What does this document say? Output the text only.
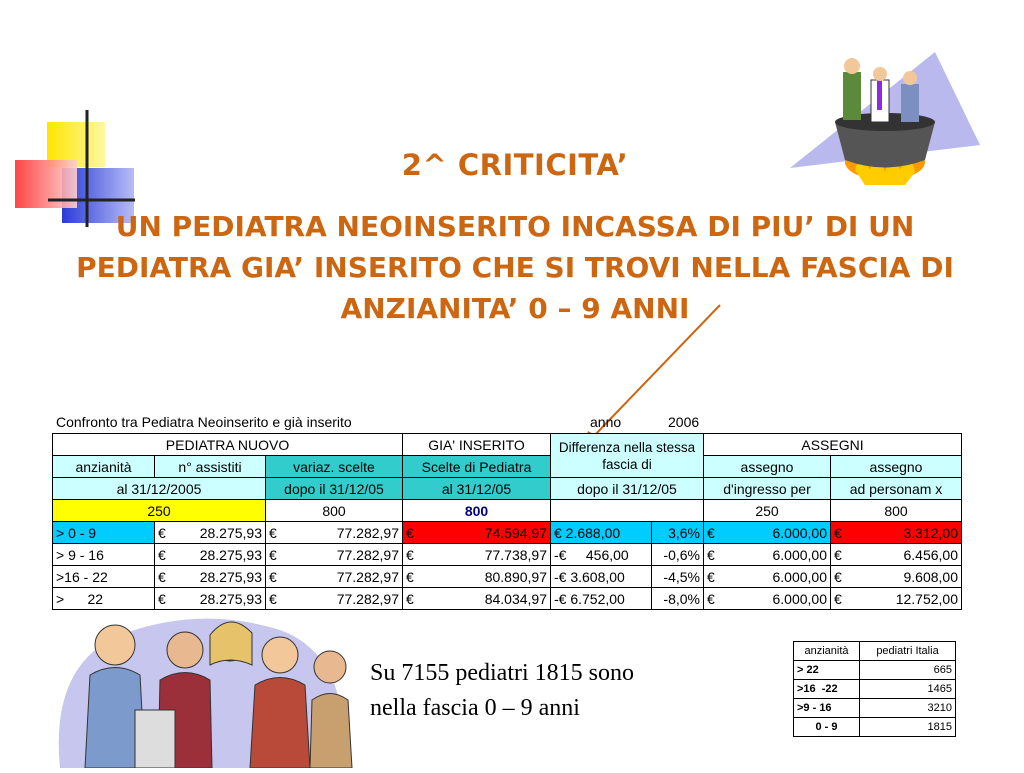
2^ CRITICITA’
UN PEDIATRA NEOINSERITO INCASSA DI PIU’ DI UN PEDIATRA GIA’ INSERITO CHE SI TROVI NELLA FASCIA DI ANZIANITA’ 0 – 9 ANNI
Confronto tra Pediatra Neoinserito e già inserito	anno	2006
PEDIATRA NUOVO			GIA' INSERITO	Differenza nella stessa fascia di		ASSEGNI	
anzianità	n° assistiti	variaz. scelte	Scelte di Pediatra			assegno	assegno
al 31/12/2005		dopo il 31/12/05	al 31/12/05	dopo il 31/12/05		d'ingresso per	ad personam x
250		800	800			250	800
> 0 - 9	€ 28.275,93	€ 77.282,97	€ 74.594,97	€ 2.688,00	3,6%	€ 6.000,00	€ 3.312,00

> 9 - 16	€ 28.275,93	€ 77.282,97	€ 77.738,97	-€     456,00	-0,6%	€ 6.000,00	€ 6.456,00

>16 - 22	€ 28.275,93	€ 77.282,97	€ 80.890,97	-€ 3.608,00	-4,5%	€ 6.000,00	€ 9.608,00

>      22	€ 28.275,93	€ 77.282,97	€ 84.034,97	-€ 6.752,00	-8,0%	€ 6.000,00	€ 12.752,00
Su 7155 pediatri 1815 sono
nella fascia 0 – 9 anni
anzianità	pediatri Italia
> 22	665
>16  -22	1465
>9 - 16	3210
0 - 9	1815
